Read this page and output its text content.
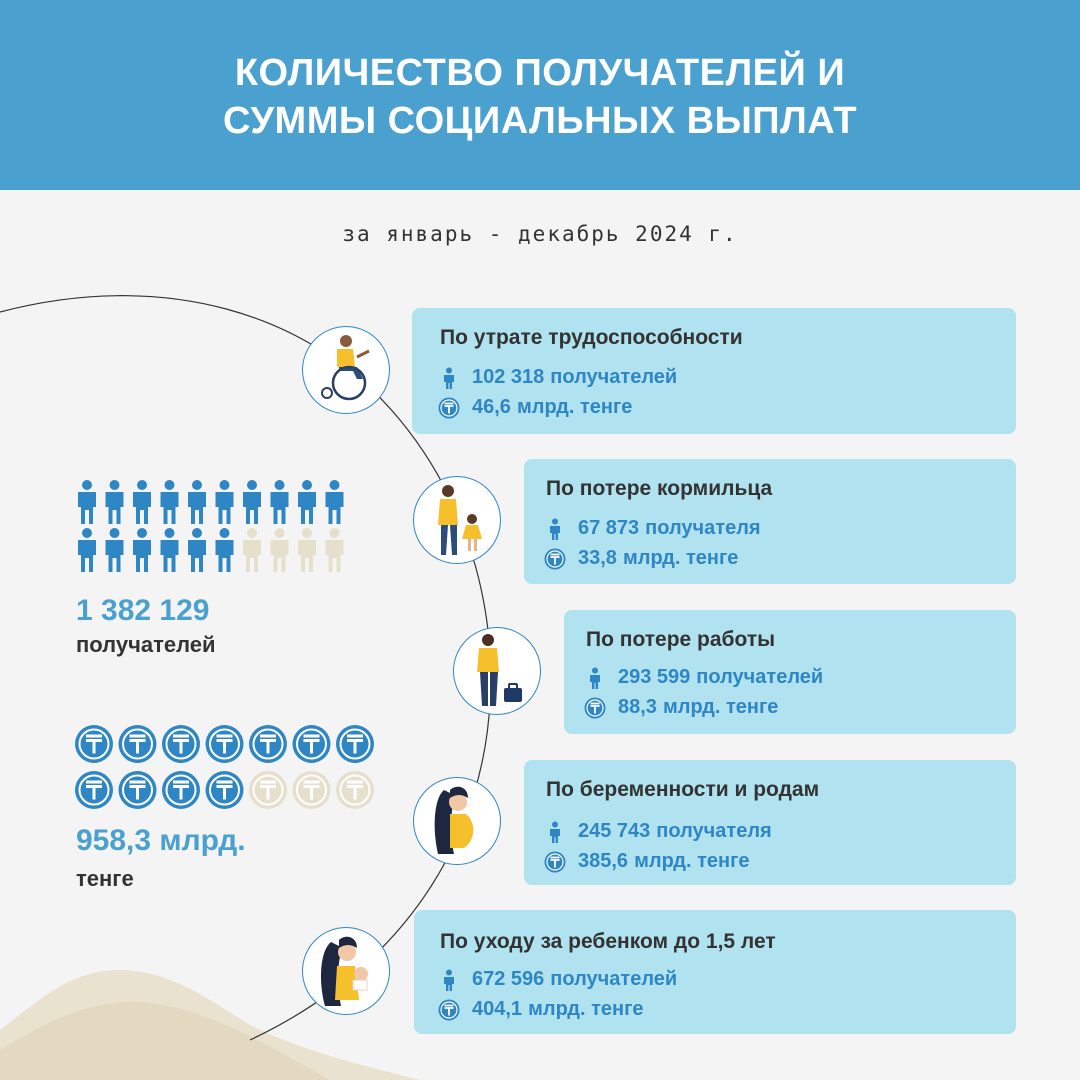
КОЛИЧЕСТВО ПОЛУЧАТЕЛЕЙ И
СУММЫ СОЦИАЛЬНЫХ ВЫПЛАТ
за январь - декабрь 2024 г.
1 382 129
получателей
958,3 млрд.
тенге
По утрате трудоспособности
102 318 получателей
46,6 млрд. тенге
По потере кормильца
67 873 получателя
33,8 млрд. тенге
По потере работы
293 599 получателей
88,3 млрд. тенге
По беременности и родам
245 743 получателя
385,6 млрд. тенге
По уходу за ребенком до 1,5 лет
672 596 получателей
404,1 млрд. тенге
